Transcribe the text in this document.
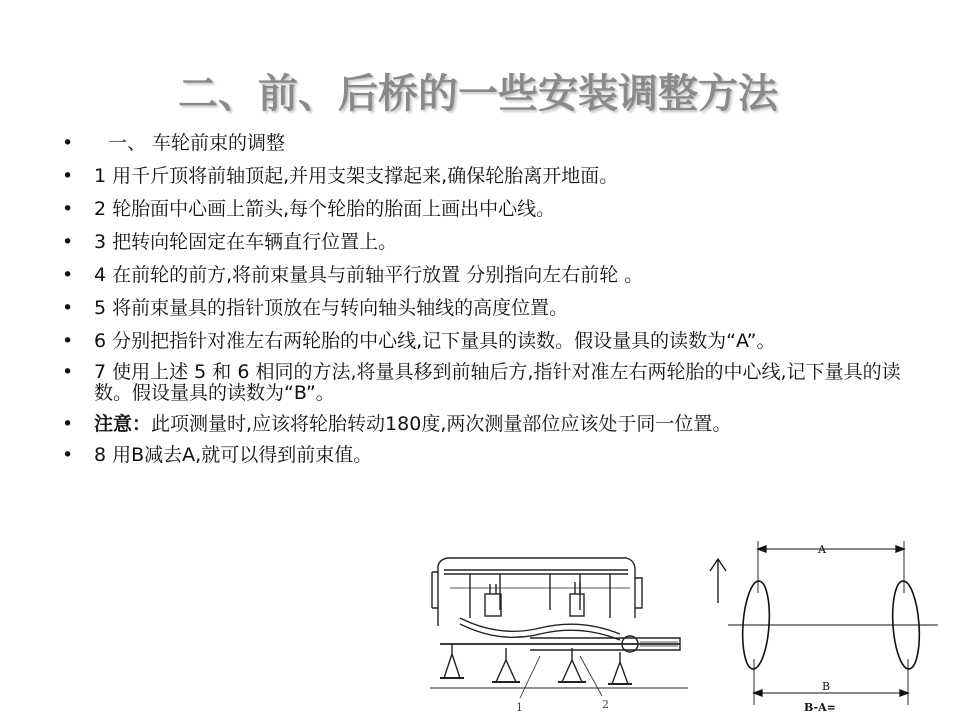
二、前、后桥的一些安装调整方法
• 一、 车轮前束的调整
• 1 用千斤顶将前轴顶起,并用支架支撑起来,确保轮胎离开地面。
• 2 轮胎面中心画上箭头,每个轮胎的胎面上画出中心线。
• 3 把转向轮固定在车辆直行位置上。
• 4 在前轮的前方,将前束量具与前轴平行放置 分别指向左右前轮 。
• 5 将前束量具的指针顶放在与转向轴头轴线的高度位置。
• 6 分别把指针对准左右两轮胎的中心线,记下量具的读数。假设量具的读数为“A”。
• 7 使用上述 5 和 6 相同的方法,将量具移到前轴后方,指针对准左右两轮胎的中心线,记下量具的读数。假设量具的读数为“B”。
• 注意：此项测量时,应该将轮胎转动180度,两次测量部位应该处于同一位置。
• 8 用B减去A,就可以得到前束值。
1	2
A
B
B-A=
